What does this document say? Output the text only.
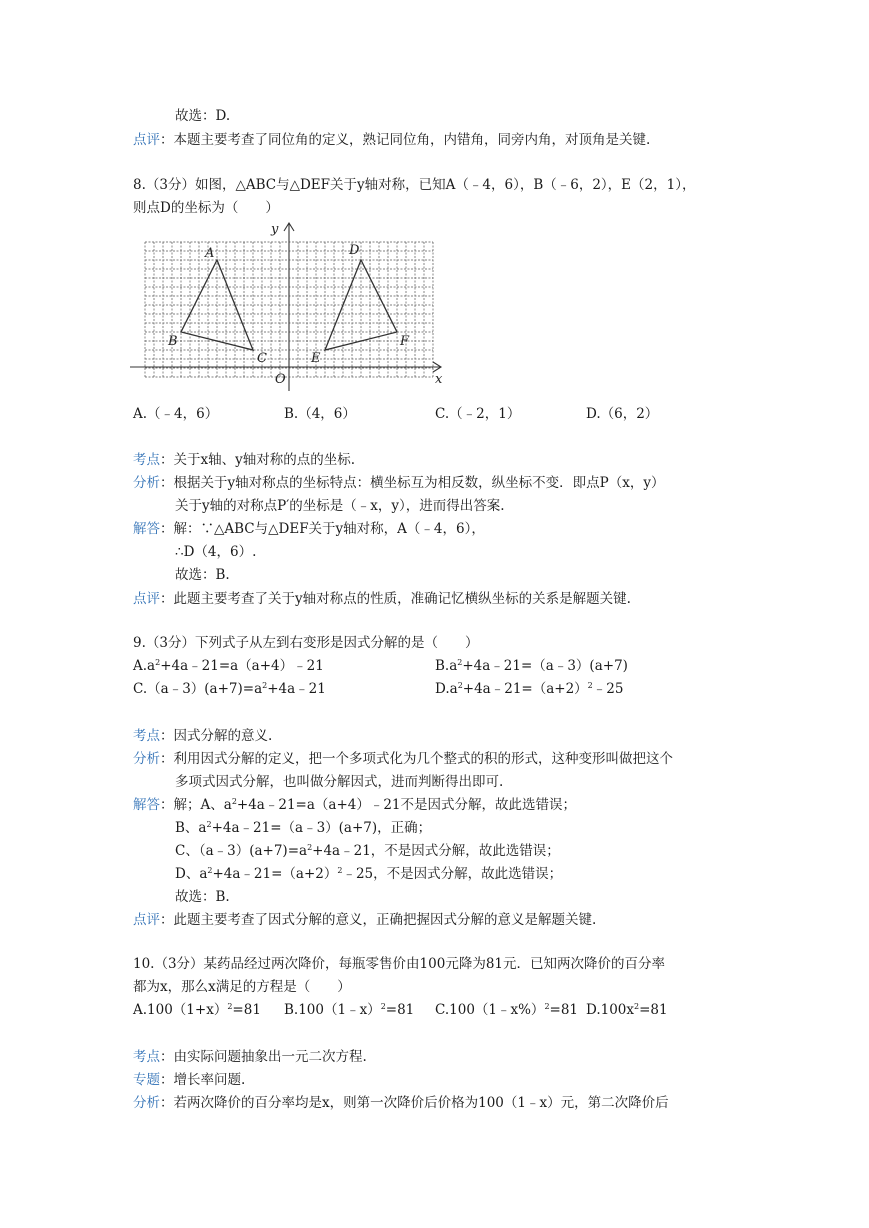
故选：D.
点评：本题主要考查了同位角的定义，熟记同位角，内错角，同旁内角，对顶角是关键.
8.（3分）如图，△ABC与△DEF关于y轴对称，已知A（﹣4，6），B（﹣6，2），E（2，1），
则点D的坐标为（　　）
A
B
C
D
E
F
O	x
y
A.（﹣4，6）	B.（4，6）	C.（﹣2，1）	D.（6，2）
考点：关于x轴、y轴对称的点的坐标.
分析：根据关于y轴对称点的坐标特点：横坐标互为相反数，纵坐标不变．即点P（x，y）
关于y轴的对称点P′的坐标是（﹣x，y），进而得出答案.
解答：解：∵△ABC与△DEF关于y轴对称，A（﹣4，6），
∴D（4，6）.
故选：B.
点评：此题主要考查了关于y轴对称点的性质，准确记忆横纵坐标的关系是解题关键.
9.（3分）下列式子从左到右变形是因式分解的是（　　）
$A.a^2+4a﹣21=a(a+4)﹣21$	$B.a^2+4a﹣21=(a﹣3)(a+7)$
$C.(a﹣3)(a+7)=a^2+4a﹣21$	$D.a^2+4a﹣21=(a+2)^2﹣25$
考点：因式分解的意义.
分析：利用因式分解的定义，把一个多项式化为几个整式的积的形式，这种变形叫做把这个
多项式因式分解，也叫做分解因式，进而判断得出即可.
解答：解；A、$a^2+4a﹣21=a(a+4)﹣21$不是因式分解，故此选错误；
B、$a^2+4a﹣21=(a﹣3)(a+7)$，正确；
C、$(a﹣3)(a+7)=a^2+4a﹣21$，不是因式分解，故此选错误；
D、$a^2+4a﹣21=(a+2)^2﹣25$，不是因式分解，故此选错误；
故选：B.
点评：此题主要考查了因式分解的意义，正确把握因式分解的意义是解题关键.
10.（3分）某药品经过两次降价，每瓶零售价由100元降为81元．已知两次降价的百分率
都为x，那么x满足的方程是（　　）
$A.100(1+x)^2=81$ B.100（1﹣x）$^2$=81 C.100（1﹣x%）$^2$=81 $D.100x^2=81$
考点：由实际问题抽象出一元二次方程.
专题：增长率问题.
分析：若两次降价的百分率均是x，则第一次降价后价格为100（1﹣x）元，第二次降价后
